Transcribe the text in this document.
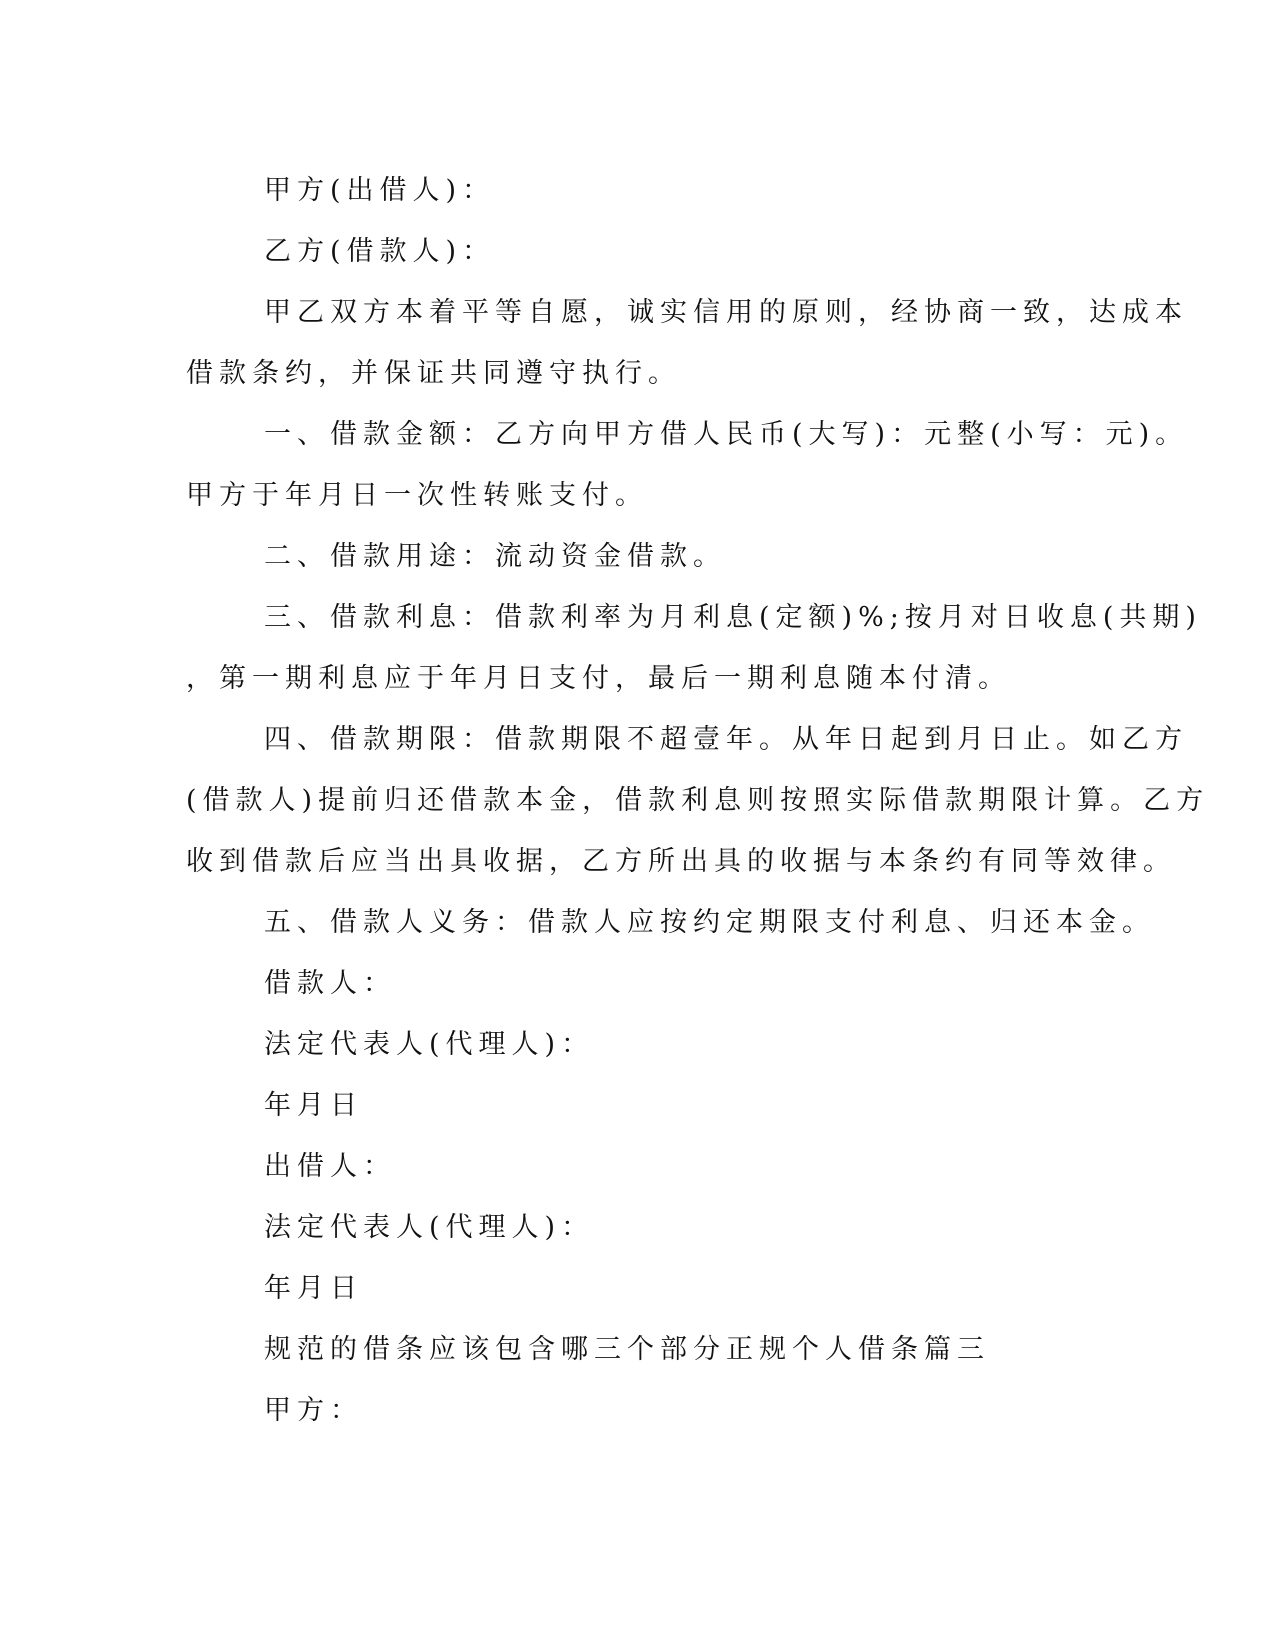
甲方(出借人)：
乙方(借款人)：
甲乙双方本着平等自愿，诚实信用的原则，经协商一致，达成本
借款条约，并保证共同遵守执行。
一、借款金额：乙方向甲方借人民币(大写)：元整(小写：元)。
甲方于年月日一次性转账支付。
二、借款用途：流动资金借款。
三、借款利息：借款利率为月利息(定额)%;按月对日收息(共期)
，第一期利息应于年月日支付，最后一期利息随本付清。
四、借款期限：借款期限不超壹年。从年日起到月日止。如乙方
(借款人)提前归还借款本金，借款利息则按照实际借款期限计算。乙方
收到借款后应当出具收据，乙方所出具的收据与本条约有同等效律。
五、借款人义务：借款人应按约定期限支付利息、归还本金。
借款人：
法定代表人(代理人)：
年月日
出借人：
法定代表人(代理人)：
年月日
规范的借条应该包含哪三个部分正规个人借条篇三
甲方：
